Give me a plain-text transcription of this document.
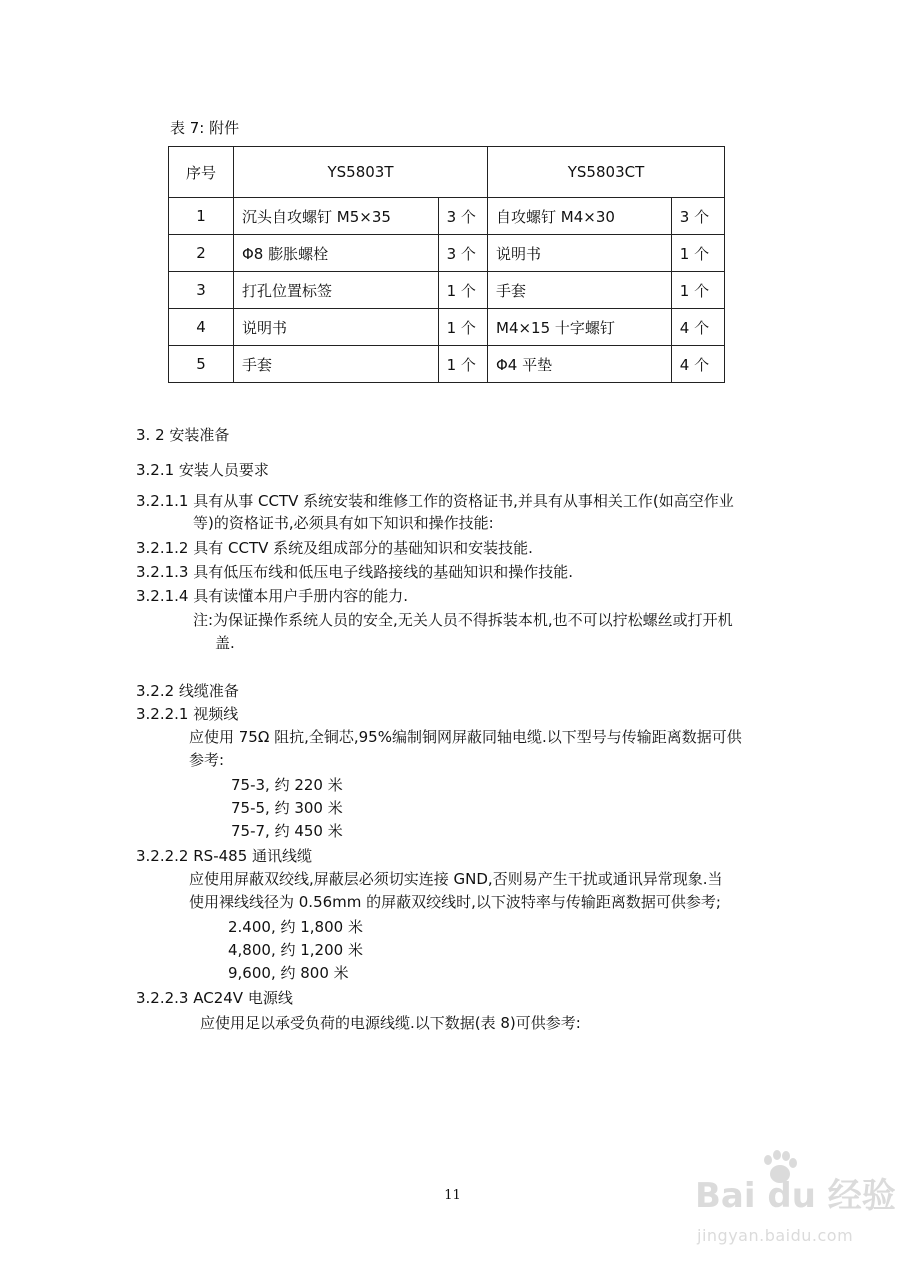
表 7: 附件
序号	YS5803T		YS5803CT	
1	沉头自攻螺钉 M5×35	3 个	自攻螺钉 M4×30	3 个
2	Φ8 膨胀螺栓	3 个	说明书	1 个
3	打孔位置标签	1 个	手套	1 个
4	说明书	1 个	M4×15 十字螺钉	4 个
5	手套	1 个	Φ4 平垫	4 个
3. 2 安装准备
3.2.1 安装人员要求
3.2.1.1 具有从事 CCTV 系统安装和维修工作的资格证书,并具有从事相关工作(如高空作业
等)的资格证书,必须具有如下知识和操作技能:
3.2.1.2 具有 CCTV 系统及组成部分的基础知识和安装技能.
3.2.1.3 具有低压布线和低压电子线路接线的基础知识和操作技能.
3.2.1.4 具有读懂本用户手册内容的能力.
注:为保证操作系统人员的安全,无关人员不得拆装本机,也不可以拧松螺丝或打开机
盖.
3.2.2 线缆准备
3.2.2.1 视频线
应使用 75Ω 阻抗,全铜芯,95%编制铜网屏蔽同轴电缆.以下型号与传输距离数据可供
参考:
75-3, 约 220 米
75-5, 约 300 米
75-7, 约 450 米
3.2.2.2 RS-485 通讯线缆
应使用屏蔽双绞线,屏蔽层必须切实连接 GND,否则易产生干扰或通讯异常现象.当
使用裸线线径为 0.56mm 的屏蔽双绞线时,以下波特率与传输距离数据可供参考;
2.400, 约 1,800 米
4,800, 约 1,200 米
9,600, 约 800 米
3.2.2.3 AC24V 电源线
应使用足以承受负荷的电源线缆.以下数据(表 8)可供参考:
11	Bai du 经验
jingyan.baidu.com
